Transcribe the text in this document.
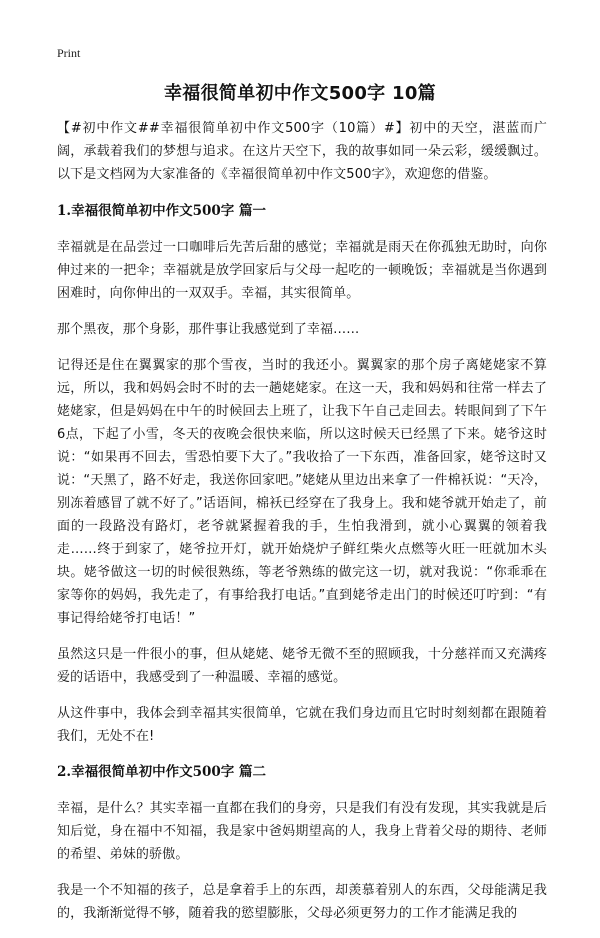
Print
幸福很简单初中作文500字 10篇

【#初中作文##幸福很简单初中作文500字（10篇）#】初中的天空，湛蓝而广阔，承载着我们的梦想与追求。在这片天空下，我的故事如同一朵云彩，缓缓飘过。以下是文档网为大家准备的《幸福很简单初中作文500字》，欢迎您的借鉴。

1.幸福很简单初中作文500字 篇一

幸福就是在品尝过一口咖啡后先苦后甜的感觉；幸福就是雨天在你孤独无助时，向你伸过来的一把伞；幸福就是放学回家后与父母一起吃的一顿晚饭；幸福就是当你遇到困难时，向你伸出的一双双手。幸福，其实很简单。

那个黑夜，那个身影，那件事让我感觉到了幸福……

记得还是住在翼翼家的那个雪夜，当时的我还小。翼翼家的那个房子离姥姥家不算远，所以，我和妈妈会时不时的去一趟姥姥家。在这一天，我和妈妈和往常一样去了姥姥家，但是妈妈在中午的时候回去上班了，让我下午自己走回去。转眼间到了下午6点，下起了小雪，冬天的夜晚会很快来临，所以这时候天已经黑了下来。姥爷这时说：“如果再不回去，雪恐怕要下大了。”我收拾了一下东西，准备回家，姥爷这时又说：“天黑了，路不好走，我送你回家吧。”姥姥从里边出来拿了一件棉袄说：“天冷，别冻着感冒了就不好了。”话语间，棉袄已经穿在了我身上。我和姥爷就开始走了，前面的一段路没有路灯，老爷就紧握着我的手，生怕我滑到，就小心翼翼的领着我走……终于到家了，姥爷拉开灯，就开始烧炉子鲜红柴火点燃等火旺一旺就加木头块。姥爷做这一切的时候很熟练，等老爷熟练的做完这一切，就对我说：“你乖乖在家等你的妈妈，我先走了，有事给我打电话。”直到姥爷走出门的时候还叮咛到：“有事记得给姥爷打电话！”

虽然这只是一件很小的事，但从姥姥、姥爷无微不至的照顾我，十分慈祥而又充满疼爱的话语中，我感受到了一种温暖、幸福的感觉。

从这件事中，我体会到幸福其实很简单，它就在我们身边而且它时时刻刻都在跟随着我们，无处不在!

2.幸福很简单初中作文500字 篇二

幸福，是什么？其实幸福一直都在我们的身旁，只是我们有没有发现，其实我就是后知后觉，身在福中不知福，我是家中爸妈期望高的人，我身上背着父母的期待、老师的希望、弟妹的骄傲。

我是一个不知福的孩子，总是拿着手上的东西，却羡慕着别人的东西，父母能满足我的，我渐渐觉得不够，随着我的慾望膨胀，父母必须更努力的工作才能满足我的
